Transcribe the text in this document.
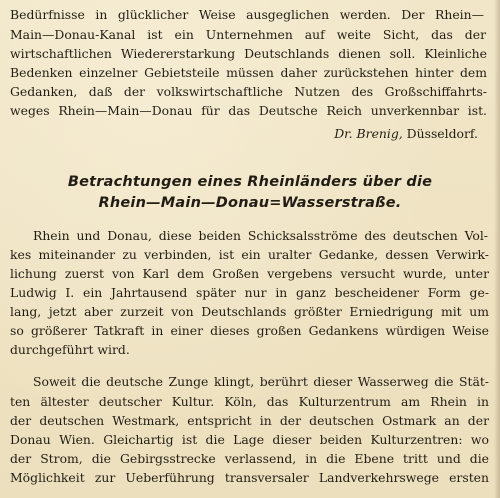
Bedürfnisse in glücklicher Weise ausgeglichen werden. Der Rhein—
Main—Donau-Kanal ist ein Unternehmen auf weite Sicht, das der
wirtschaftlichen Wiedererstarkung Deutschlands dienen soll. Kleinliche
Bedenken einzelner Gebietsteile müssen daher zurückstehen hinter dem
Gedanken, daß der volkswirtschaftliche Nutzen des Großschiffahrts-
weges Rhein—Main—Donau für das Deutsche Reich unverkennbar ist.
Dr. Brenig, Düsseldorf.
Betrachtungen eines Rheinländers über die
Rhein—Main—Donau=Wasserstraße.
Rhein und Donau, diese beiden Schicksalsströme des deutschen Vol-
kes miteinander zu verbinden, ist ein uralter Gedanke, dessen Verwirk-
lichung zuerst von Karl dem Großen vergebens versucht wurde, unter
Ludwig I. ein Jahrtausend später nur in ganz bescheidener Form ge-
lang, jetzt aber zurzeit von Deutschlands größter Erniedrigung mit um
so größerer Tatkraft in einer dieses großen Gedankens würdigen Weise
durchgeführt wird.
Soweit die deutsche Zunge klingt, berührt dieser Wasserweg die Stät-
ten ältester deutscher Kultur. Köln, das Kulturzentrum am Rhein in
der deutschen Westmark, entspricht in der deutschen Ostmark an der
Donau Wien. Gleichartig ist die Lage dieser beiden Kulturzentren: wo
der Strom, die Gebirgsstrecke verlassend, in die Ebene tritt und die
Möglichkeit zur Ueberführung transversaler Landverkehrswege ersten
